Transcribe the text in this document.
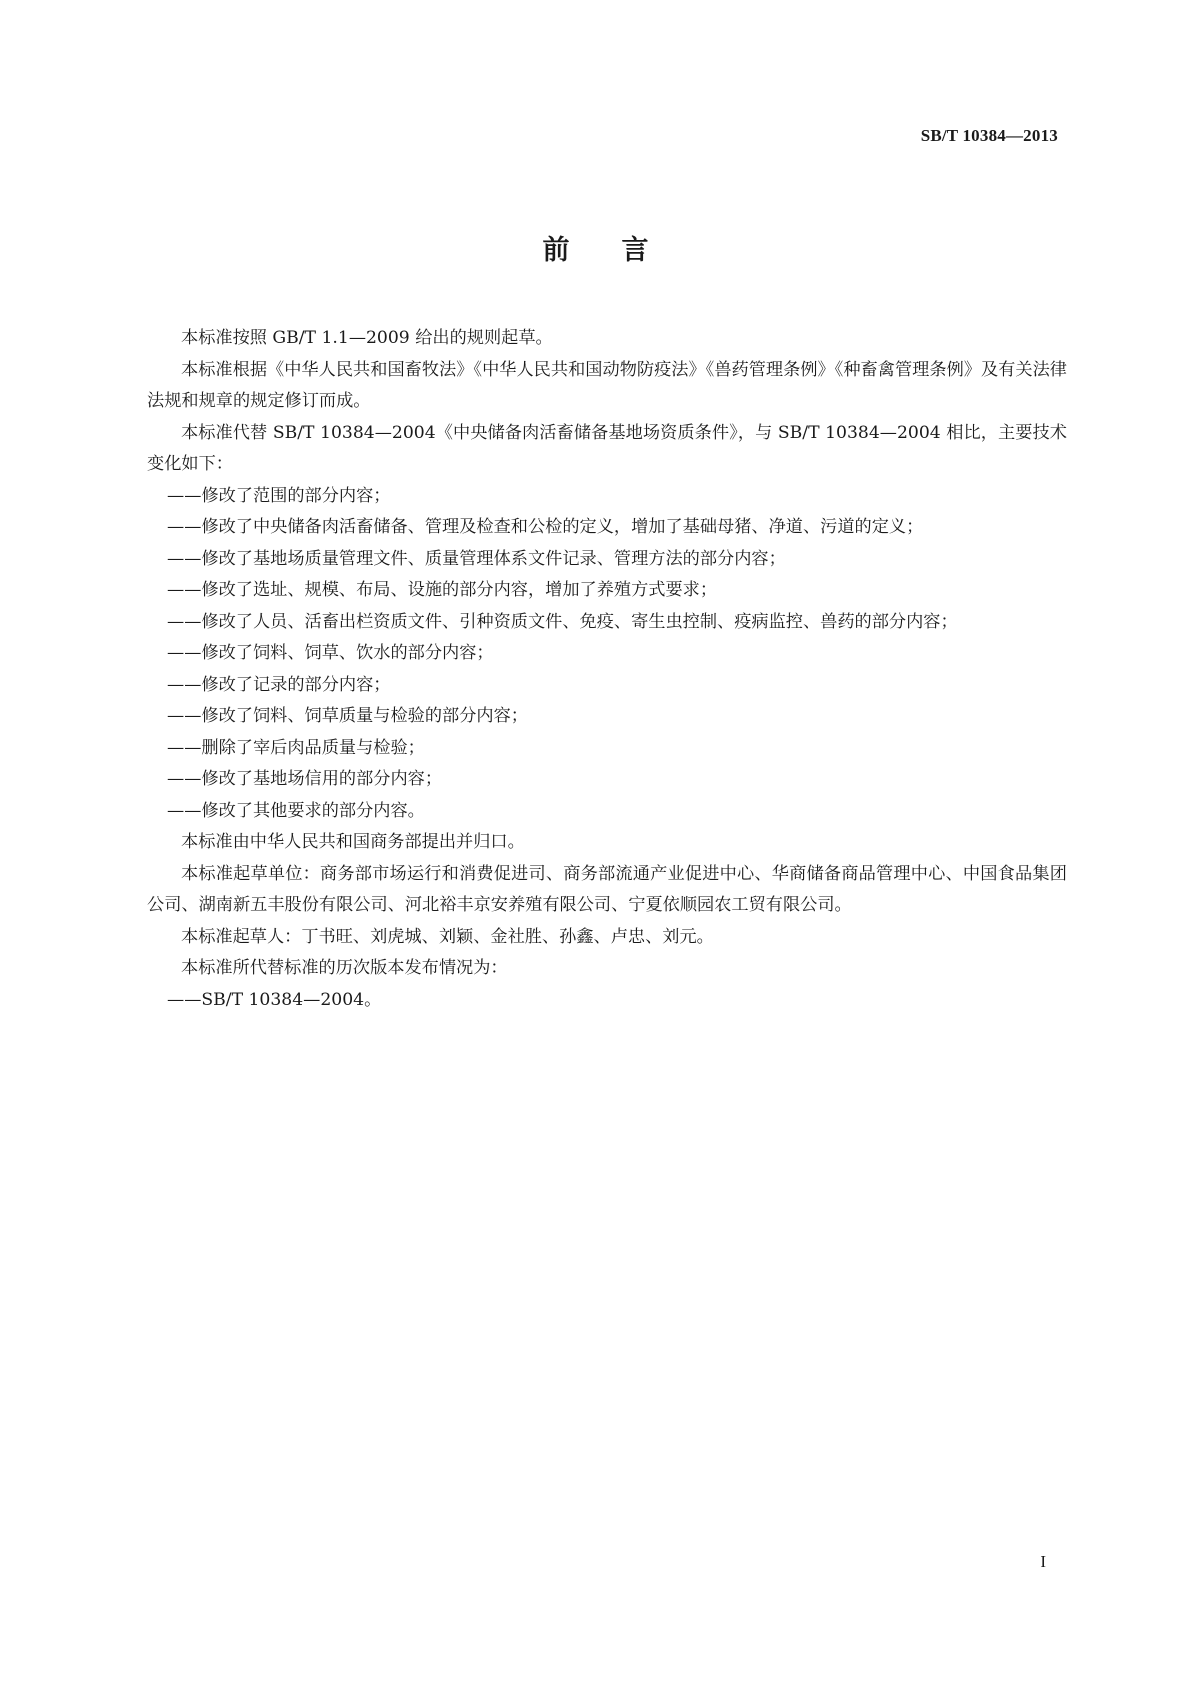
SB/T 10384—2013
前言

本标准按照 GB/T 1.1—2009 给出的规则起草。

本标准根据《中华人民共和国畜牧法》《中华人民共和国动物防疫法》《兽药管理条例》《种畜禽管理条例》及有关法律法规和规章的规定修订而成。

本标准代替 SB/T 10384—2004《中央储备肉活畜储备基地场资质条件》，与 SB/T 10384—2004 相比，主要技术变化如下：

——修改了范围的部分内容；

——修改了中央储备肉活畜储备、管理及检查和公检的定义，增加了基础母猪、净道、污道的定义；

——修改了基地场质量管理文件、质量管理体系文件记录、管理方法的部分内容；

——修改了选址、规模、布局、设施的部分内容，增加了养殖方式要求；

——修改了人员、活畜出栏资质文件、引种资质文件、免疫、寄生虫控制、疫病监控、兽药的部分内容；

——修改了饲料、饲草、饮水的部分内容；

——修改了记录的部分内容；

——修改了饲料、饲草质量与检验的部分内容；

——删除了宰后肉品质量与检验；

——修改了基地场信用的部分内容；

——修改了其他要求的部分内容。

本标准由中华人民共和国商务部提出并归口。

本标准起草单位：商务部市场运行和消费促进司、商务部流通产业促进中心、华商储备商品管理中心、中国食品集团公司、湖南新五丰股份有限公司、河北裕丰京安养殖有限公司、宁夏依顺园农工贸有限公司。

本标准起草人：丁书旺、刘虎城、刘颖、金社胜、孙鑫、卢忠、刘元。

本标准所代替标准的历次版本发布情况为：

——SB/T 10384—2004。

I
